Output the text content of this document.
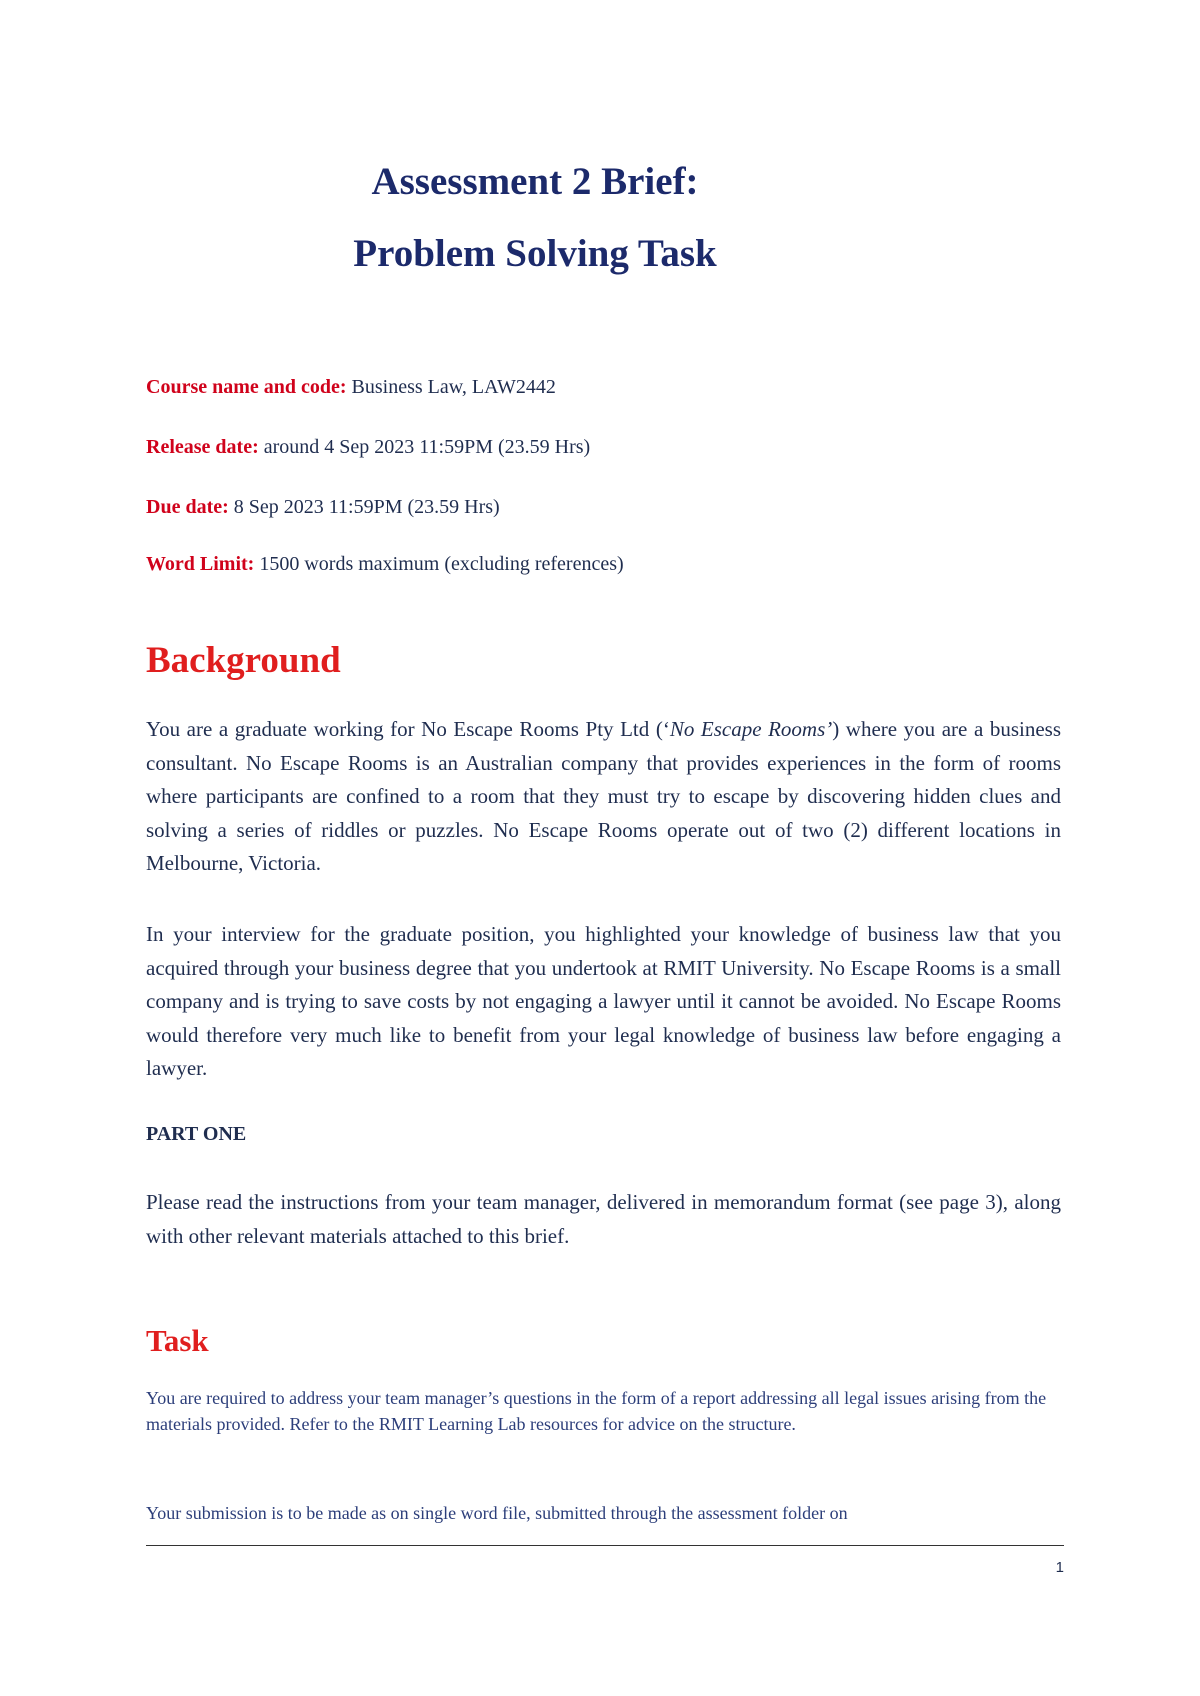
Assessment 2 Brief:
Problem Solving Task
Course name and code: Business Law, LAW2442
Release date: around 4 Sep 2023 11:59PM (23.59 Hrs)
Due date: 8 Sep 2023 11:59PM (23.59 Hrs)
Word Limit: 1500 words maximum (excluding references)
Background
You are a graduate working for No Escape Rooms Pty Ltd (‘No Escape Rooms’) where you are a business consultant. No Escape Rooms is an Australian company that provides experiences in the form of rooms where participants are confined to a room that they must try to escape by discovering hidden clues and solving a series of riddles or puzzles. No Escape Rooms operate out of two (2) different locations in Melbourne, Victoria.
In your interview for the graduate position, you highlighted your knowledge of business law that you acquired through your business degree that you undertook at RMIT University. No Escape Rooms is a small company and is trying to save costs by not engaging a lawyer until it cannot be avoided. No Escape Rooms would therefore very much like to benefit from your legal knowledge of business law before engaging a lawyer.
PART ONE
Please read the instructions from your team manager, delivered in memorandum format (see page 3), along with other relevant materials attached to this brief.
Task
You are required to address your team manager’s questions in the form of a report addressing all legal issues arising from the materials provided. Refer to the RMIT Learning Lab resources for advice on the structure.
Your submission is to be made as on single word file, submitted through the assessment folder on
1
